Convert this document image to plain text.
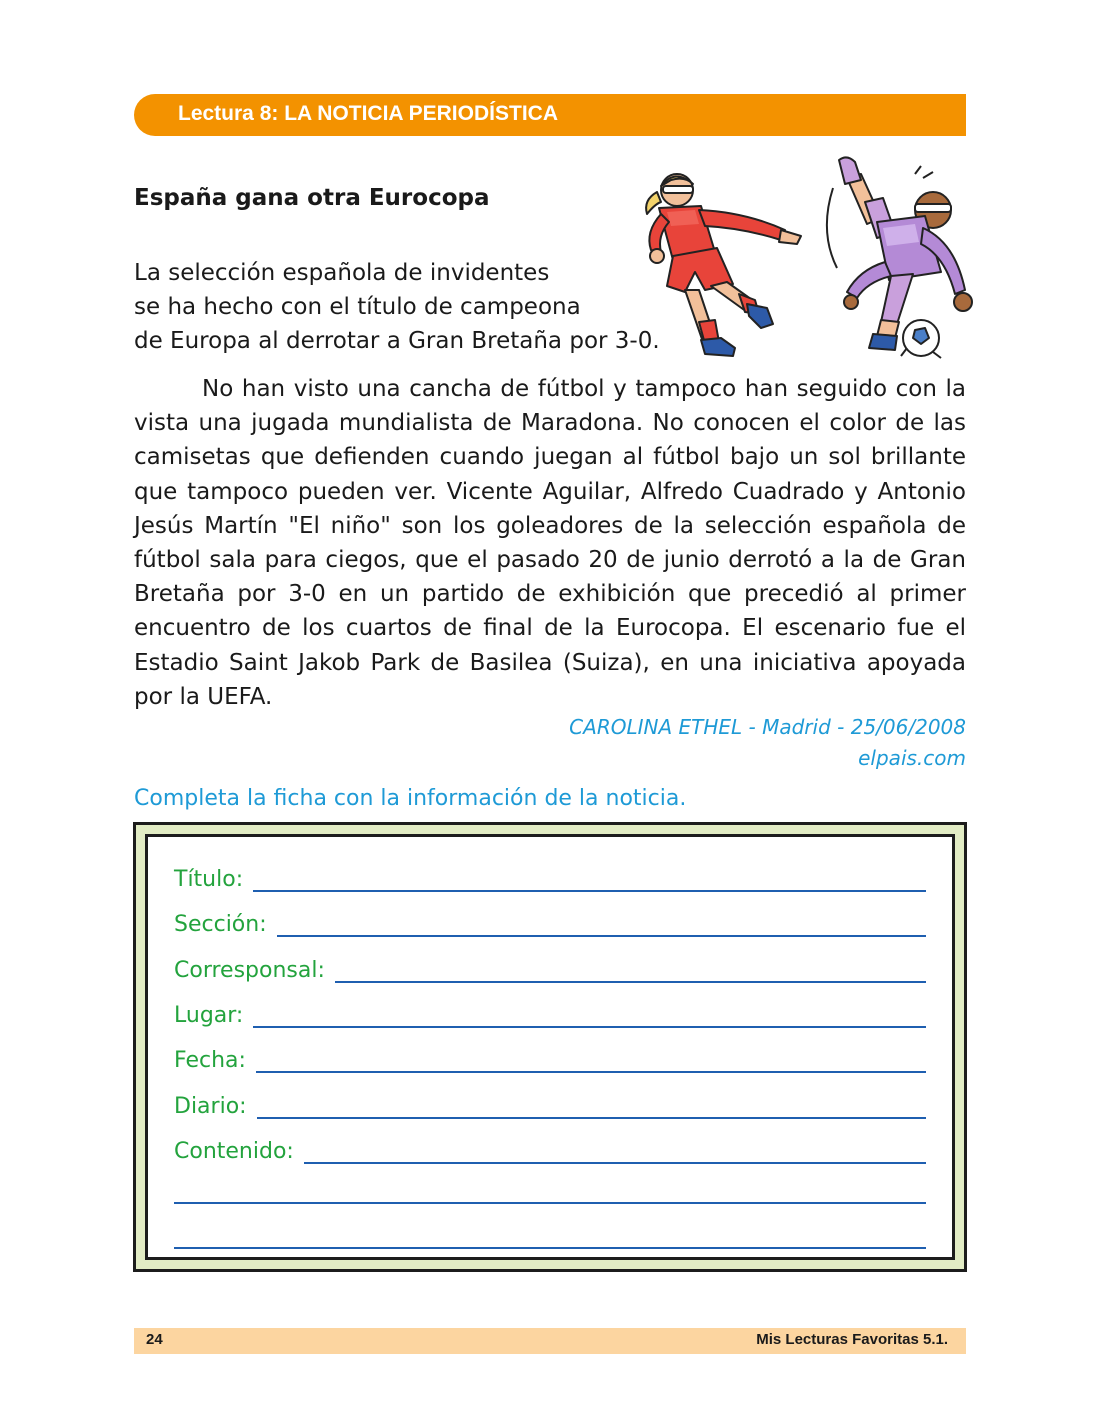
Lectura 8: LA NOTICIA PERIODÍSTICA
España gana otra Eurocopa
La selección española de invidentes
se ha hecho con el título de campeona
de Europa al derrotar a Gran Bretaña por 3-0.

No han visto una cancha de fútbol y tampoco han seguido con la vista una jugada mundialista de Maradona. No conocen el color de las camisetas que defienden cuando juegan al fútbol bajo un sol brillante que tampoco pueden ver. Vicente Aguilar, Alfredo Cuadrado y Antonio Jesús Martín "El niño" son los goleadores de la selección española de fútbol sala para ciegos, que el pasado 20 de junio derrotó a la de Gran Bretaña por 3-0 en un partido de exhibición que precedió al primer encuentro de los cuartos de final de la Eurocopa. El escenario fue el Estadio Saint Jakob Park de Basilea (Suiza), en una iniciativa apoyada por la UEFA.

CAROLINA ETHEL - Madrid - 25/06/2008
elpais.com

Completa la ficha con la información de la noticia.

Título:
Sección:
Corresponsal:
Lugar:
Fecha:
Diario:
Contenido:
24	Mis Lecturas Favoritas 5.1.
